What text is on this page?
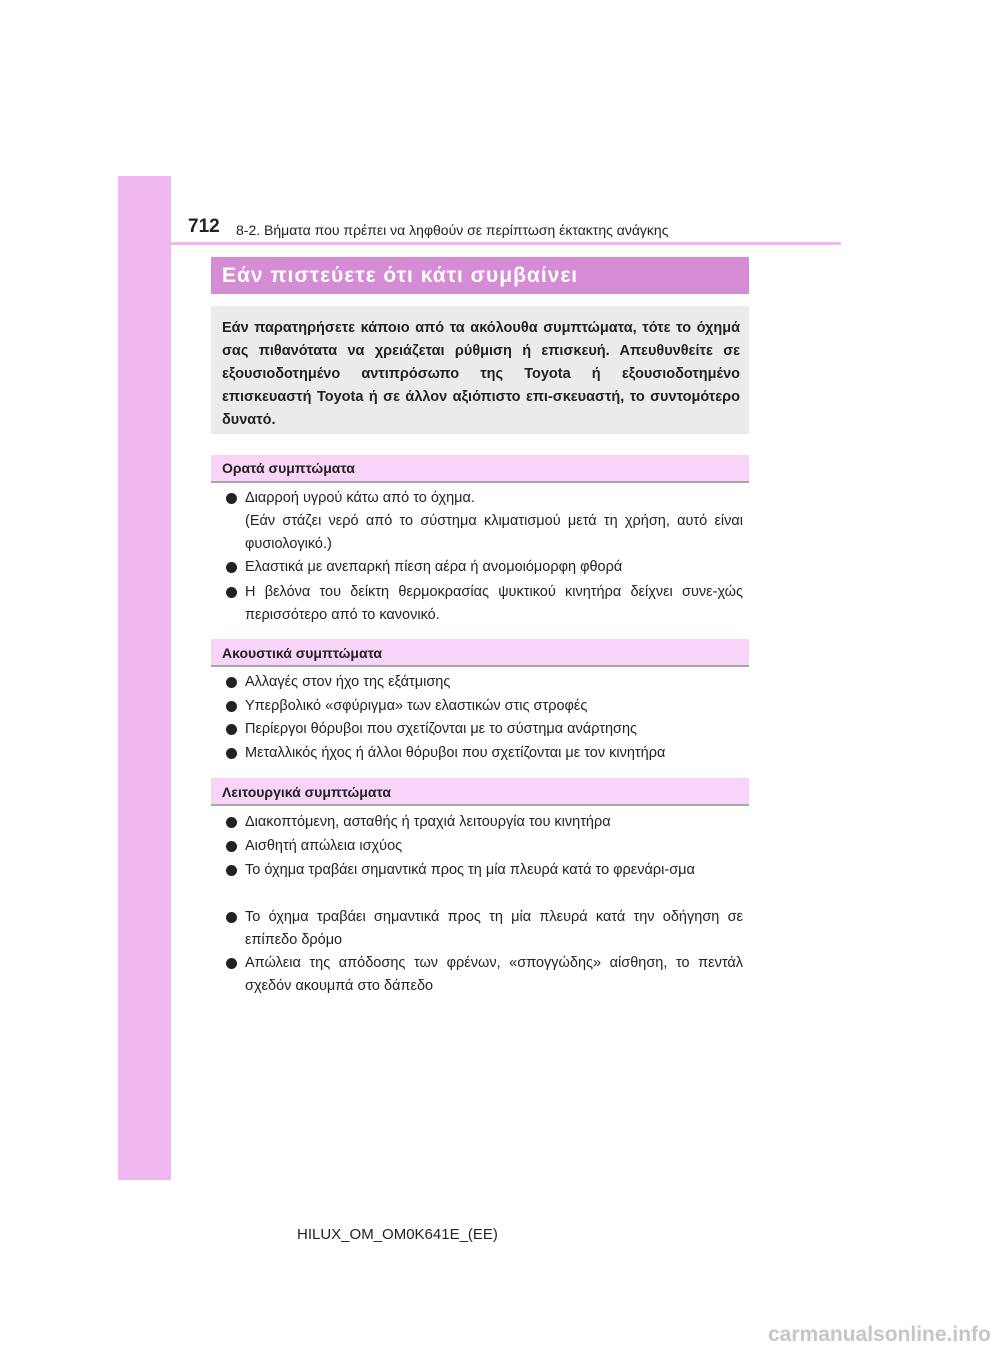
712 8-2. Βήματα που πρέπει να ληφθούν σε περίπτωση έκτακτης ανάγκης
Εάν πιστεύετε ότι κάτι συμβαίνει
Εάν παρατηρήσετε κάποιο από τα ακόλουθα συμπτώματα, τότε το όχημά σας πιθανότατα να χρειάζεται ρύθμιση ή επισκευή. Απευθυνθείτε σε εξουσιοδοτημένο αντιπρόσωπο της Toyota ή εξουσιοδοτημένο επισκευαστή Toyota ή σε άλλον αξιόπιστο επι-σκευαστή, το συντομότερο δυνατό.
Ορατά συμπτώματα
Διαρροή υγρού κάτω από το όχημα.
(Εάν στάζει νερό από το σύστημα κλιματισμού μετά τη χρήση, αυτό είναι φυσιολογικό.)
Ελαστικά με ανεπαρκή πίεση αέρα ή ανομοιόμορφη φθορά
Η βελόνα του δείκτη θερμοκρασίας ψυκτικού κινητήρα δείχνει συνε-χώς περισσότερο από το κανονικό.
Ακουστικά συμπτώματα
Αλλαγές στον ήχο της εξάτμισης
Υπερβολικό «σφύριγμα» των ελαστικών στις στροφές
Περίεργοι θόρυβοι που σχετίζονται με το σύστημα ανάρτησης
Μεταλλικός ήχος ή άλλοι θόρυβοι που σχετίζονται με τον κινητήρα
Λειτουργικά συμπτώματα
Διακοπτόμενη, ασταθής ή τραχιά λειτουργία του κινητήρα
Αισθητή απώλεια ισχύος
Το όχημα τραβάει σημαντικά προς τη μία πλευρά κατά το φρενάρι-σμα
Το όχημα τραβάει σημαντικά προς τη μία πλευρά κατά την οδήγηση σε επίπεδο δρόμο
Απώλεια της απόδοσης των φρένων, «σπογγώδης» αίσθηση, το πεντάλ σχεδόν ακουμπά στο δάπεδο
HILUX_OM_OM0K641E_(EE)
carmanualsonline.info
